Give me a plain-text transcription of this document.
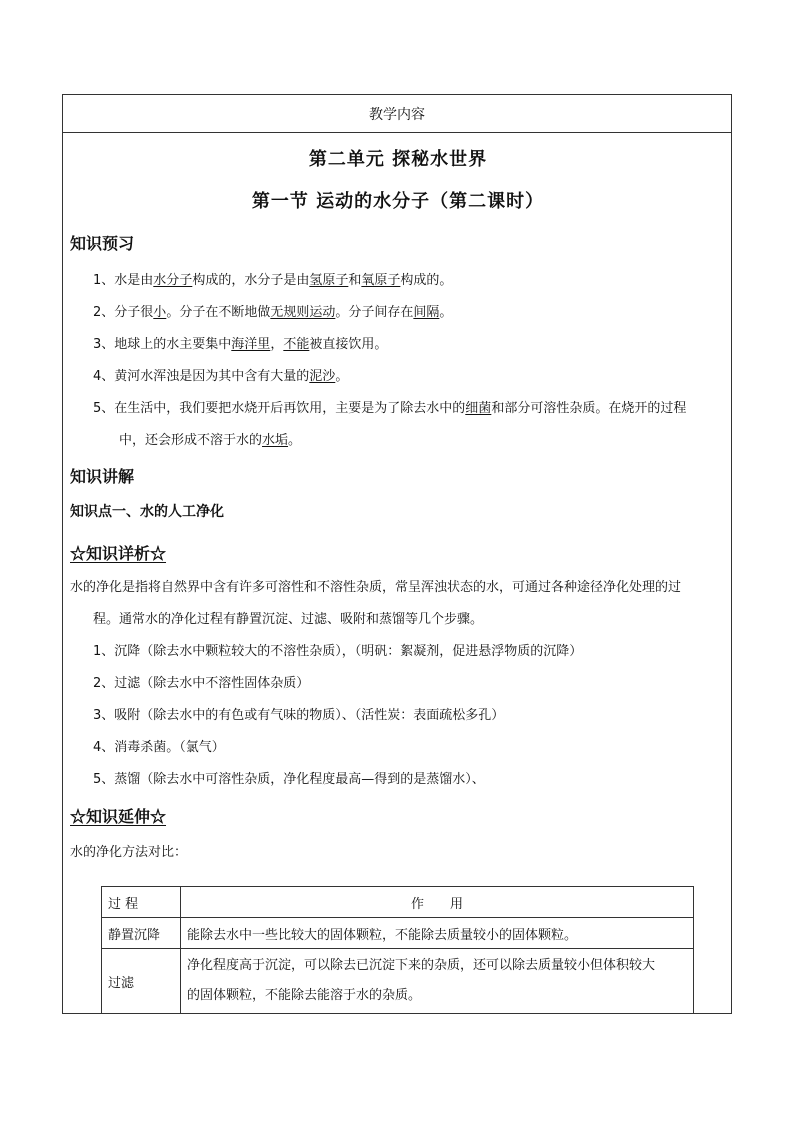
教学内容
第二单元 探秘水世界
第一节 运动的水分子（第二课时）
知识预习
1、水是由水分子构成的，水分子是由氢原子和氧原子构成的。
2、分子很小。分子在不断地做无规则运动。分子间存在间隔。
3、地球上的水主要集中海洋里，不能被直接饮用。
4、黄河水浑浊是因为其中含有大量的泥沙。
5、在生活中，我们要把水烧开后再饮用，主要是为了除去水中的细菌和部分可溶性杂质。在烧开的过程
中，还会形成不溶于水的水垢。
知识讲解
知识点一、水的人工净化
☆知识详析☆
水的净化是指将自然界中含有许多可溶性和不溶性杂质，常呈浑浊状态的水，可通过各种途径净化处理的过
程。通常水的净化过程有静置沉淀、过滤、吸附和蒸馏等几个步骤。
1、沉降（除去水中颗粒较大的不溶性杂质），（明矾：絮凝剂，促进悬浮物质的沉降）
2、过滤（除去水中不溶性固体杂质）
3、吸附（除去水中的有色或有气味的物质）、（活性炭：表面疏松多孔）
4、消毒杀菌。（氯气）
5、蒸馏（除去水中可溶性杂质，净化程度最高—得到的是蒸馏水）、
☆知识延伸☆
水的净化方法对比：
过 程	作　　用
静置沉降	能除去水中一些比较大的固体颗粒，不能除去质量较小的固体颗粒。
过滤	净化程度高于沉淀，可以除去已沉淀下来的杂质，还可以除去质量较小但体积较大
的固体颗粒，不能除去能溶于水的杂质。
